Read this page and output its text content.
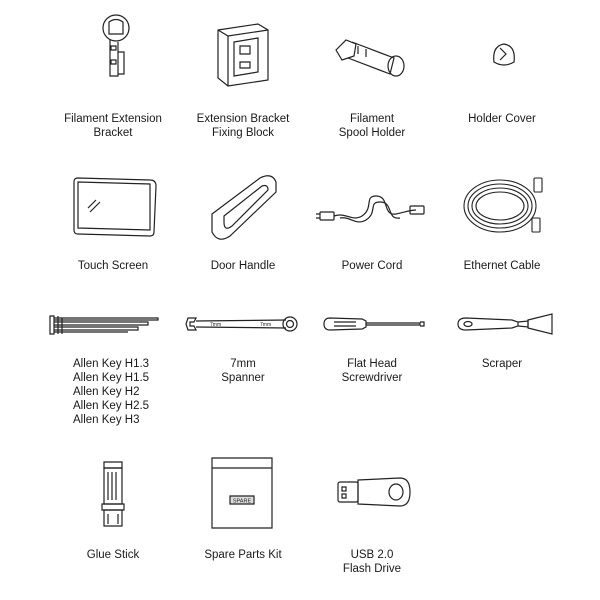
Filament Extension
Bracket
Extension Bracket
Fixing Block
Filament
Spool Holder
Holder Cover
Touch Screen	Door Handle	Power Cord	Ethernet Cable
Allen Key H1.3
Allen Key H1.5
Allen Key H2
Allen Key H2.5
Allen Key H3
7mm	7mm
7mm
Spanner
Flat Head
Screwdriver
Scraper
Glue Stick
SPARE
Spare Parts Kit	USB 2.0
Flash Drive
